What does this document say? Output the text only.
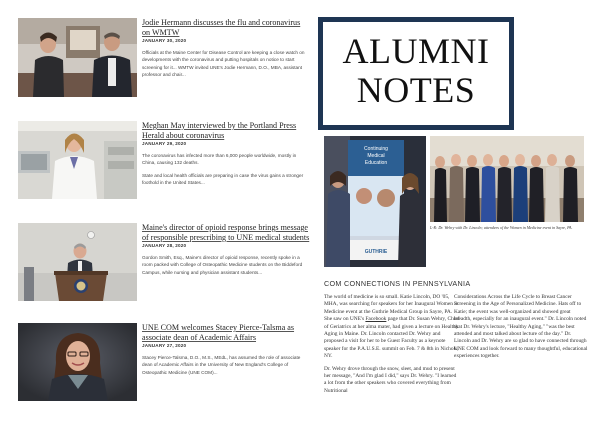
Jodie Hermann discusses the flu and coronavirus on WMTW
JANUARY 30, 2020

Officials at the Maine Center for Disease Control are keeping a close watch on developments with the coronavirus and putting hospitals on notice to start screening for it... WMTW invited UNE's Jodie Hermann, D.O., MBA, assistant professor and chair...

Meghan May interviewed by the Portland Press Herald about coronavirus
JANUARY 29, 2020

The coronavirus has infected more than 6,000 people worldwide, mostly in China, causing 132 deaths.

State and local health officials are preparing in case the virus gains a stronger foothold in the United States...

Maine's director of opioid response brings message of responsible prescribing to UNE medical students
JANUARY 28, 2020

Gordon Smith, Esq., Maine's director of opioid response, recently spoke in a room packed with College of Osteopathic Medicine students on the Biddeford Campus, while nursing and physician assistant students...

UNE COM welcomes Stacey Pierce-Talsma as associate dean of Academic Affairs
JANUARY 27, 2020

Stacey Pierce-Talsma, D.O., M.S., MEdL, has assumed the role of associate dean of Academic Affairs in the University of New England's College of Osteopathic Medicine (UNE COM)...

ALUMNI
NOTES
Continuing
Medical
Education
GUTHRIE
L-R: Dr. Wehry with Dr. Lincoln; attendees of the Women in Medicine event in Sayre, PA.
COM CONNECTIONS IN PENNSYLVANIA

The world of medicine is so small. Katie Lincoln, DO '05, MHA, was searching for speakers for her Inaugural Women in Medicine event at the Guthrie Medical Group in Sayre, PA. She saw on UNE's Facebook page that Dr. Susan Wehry, Chief of Geriatrics at her alma mater, had given a lecture on Healthy Aging in Maine. Dr. Lincoln contacted Dr. Wehry and proposed a visit for her to be Guest Faculty as a keynote speaker for the P.A.U.S.E. summit on Feb. 7 & 8th in Nichols, NY.

Dr. Wehry drove through the snow, sleet, and mud to present her message, "And I'm glad I did," says Dr. Wehry. "I learned a lot from the other speakers who covered everything from Nutritional

Considerations Across the Life Cycle to Breast Cancer Screening in the Age of Personalized Medicine. Hats off to Katie; the event was well-organized and showed great breadth, especially for an inaugural event." Dr. Lincoln noted that Dr. Wehry's lecture, "Healthy Aging," "was the best attended and most talked about lecture of the day." Dr. Lincoln and Dr. Wehry are so glad to have connected through UNE COM and look forward to many thoughtful, educational experiences together.
